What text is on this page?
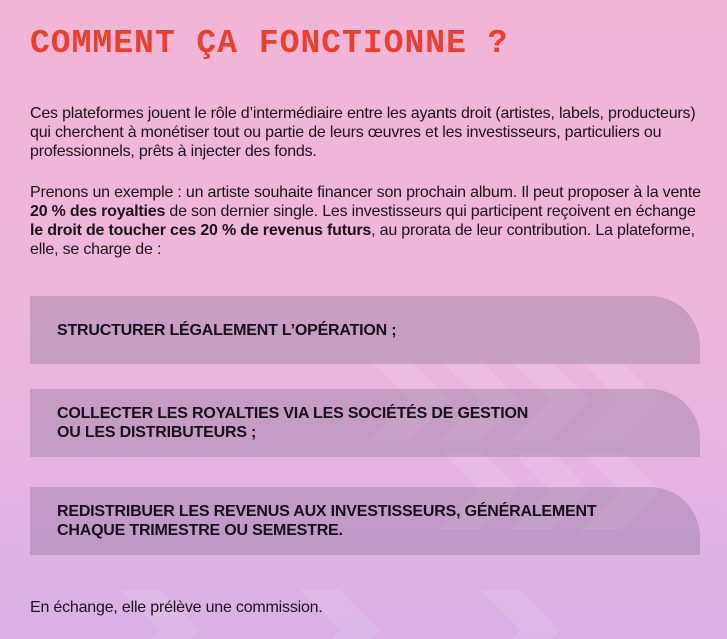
COMMENT ÇA FONCTIONNE ?

Ces plateformes jouent le rôle d’intermédiaire entre les ayants droit (artistes, labels, producteurs) qui cherchent à monétiser tout ou partie de leurs œuvres et les investisseurs, particuliers ou professionnels, prêts à injecter des fonds.

Prenons un exemple : un artiste souhaite financer son prochain album. Il peut proposer à la vente 20 % des royalties de son dernier single. Les investisseurs qui participent reçoivent en échange le droit de toucher ces 20 % de revenus futurs, au prorata de leur contribution. La plateforme, elle, se charge de :

STRUCTURER LÉGALEMENT L’OPÉRATION ;
COLLECTER LES ROYALTIES VIA LES SOCIÉTÉS DE GESTION
OU LES DISTRIBUTEURS ;
REDISTRIBUER LES REVENUS AUX INVESTISSEURS, GÉNÉRALEMENT
CHAQUE TRIMESTRE OU SEMESTRE.

En échange, elle prélève une commission.
